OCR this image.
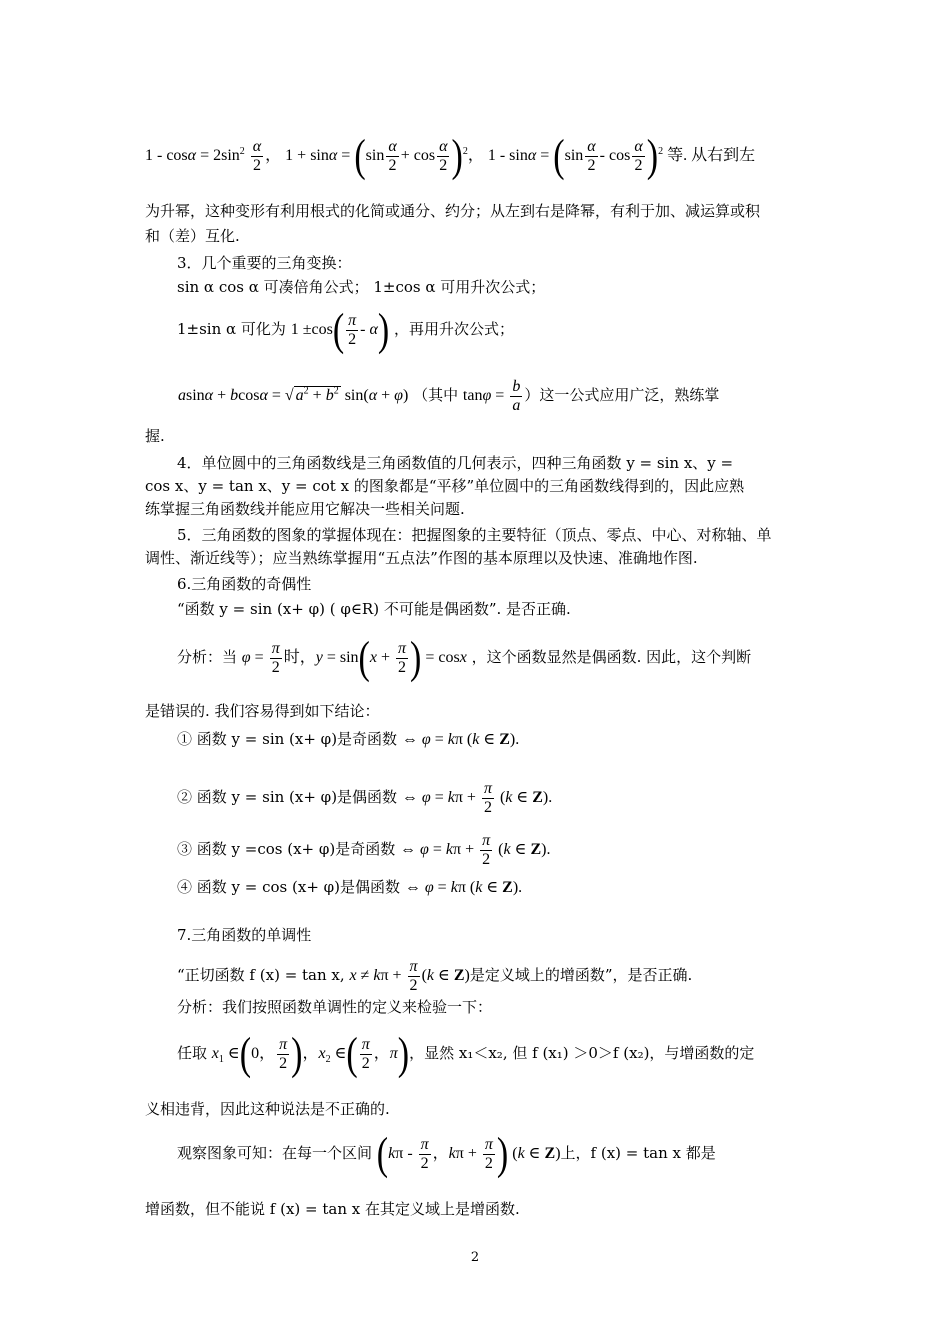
$1 - \cos\alpha = 2\sin^2 \frac{\alpha}{2}$ ， $1 + \sin\alpha = (\sin \frac{\alpha}{2} + \cos \frac{\alpha}{2} )^2$， $1 - \sin\alpha = (\sin \frac{\alpha}{2} - \cos \frac{\alpha}{2} )^2$ 等. 从右到左
为升幂，这种变形有利用根式的化简或通分、约分；从左到右是降幂，有利于加、减运算或积
和（差）互化.
3．几个重要的三角变换：
sin α cos α 可凑倍角公式； 1±cos α 可用升次公式；
1±sin α 可化为 $1 \pm\cos( \frac{\pi}{2} - \alpha)$ ，再用升次公式；
asinα + bcosα = √ $a^2 + b^2$ sin(α + φ) （其中 $\tan\varphi = \frac{b}{a}$ ）这一公式应用广泛，熟练掌
握.
4．单位圆中的三角函数线是三角函数值的几何表示，四种三角函数 y = sin x、y =
cos x、y = tan x、y = cot x 的图象都是“平移”单位圆中的三角函数线得到的，因此应熟
练掌握三角函数线并能应用它解决一些相关问题.
5．三角函数的图象的掌握体现在：把握图象的主要特征（顶点、零点、中心、对称轴、单
调性、渐近线等）；应当熟练掌握用“五点法”作图的基本原理以及快速、准确地作图.
6.三角函数的奇偶性
“函数 y = sin (x+ φ) ( φ∈R) 不可能是偶函数”. 是否正确.
分析：当 $\varphi = \frac{\pi}{2}$ 时，$y = \sin(x + \frac{\pi}{2}$ ) = cosx ，这个函数显然是偶函数. 因此，这个判断
是错误的. 我们容易得到如下结论：
① 函数 y = sin (x+ φ)是奇函数 ⇔ φ = kπ (k ∈ Z).
② 函数 y = sin (x+ φ)是偶函数 ⇔ $\varphi = k\pi + \frac{\pi}{2} (k$ ∈ Z).
③ 函数 y =cos (x+ φ)是奇函数 ⇔ $\varphi = k\pi + \frac{\pi}{2} (k$ ∈ Z).
④ 函数 y = cos (x+ φ)是偶函数 ⇔ φ = kπ (k ∈ Z).
7.三角函数的单调性
“正切函数 f (x) = tan x, $x \ne k\pi + \frac{\pi}{2} (k$ ∈ Z)是定义域上的增函数”，是否正确.
分析：我们按照函数单调性的定义来检验一下：
任取 $x_1$ ∈(0， $\frac{\pi}{2}$ )，$x_2$ ∈( $\frac{\pi}{2}$ ，π)，显然 x₁＜x₂, 但 f (x₁) ＞0＞f (x₂)，与增函数的定
义相违背，因此这种说法是不正确的.
观察图象可知：在每一个区间 ($k\pi - \frac{\pi}{2}$ ，$k\pi + \frac{\pi}{2}$ ) (k ∈ Z)上，f (x) = tan x 都是
增函数，但不能说 f (x) = tan x 在其定义域上是增函数.
2
